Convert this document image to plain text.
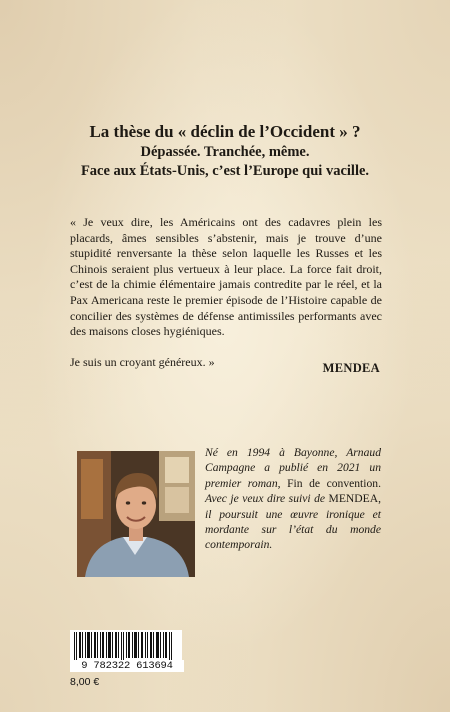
La thèse du « déclin de l’Occident » ?
Dépassée. Tranchée, même.
Face aux États-Unis, c’est l’Europe qui vacille.

« Je veux dire, les Américains ont des cadavres plein les placards, âmes sensibles s’abstenir, mais je trouve d’une stupidité renversante la thèse selon laquelle les Russes et les Chinois seraient plus vertueux à leur place. La force fait droit, c’est de la chimie élémentaire jamais contredite par le réel, et la Pax Americana reste le premier épisode de l’Histoire capable de concilier des systèmes de défense antimissiles performants avec des maisons closes hygiéniques.

Je suis un croyant généreux. »	MENDEA
Né en 1994 à Bayonne, Arnaud Campagne a publié en 2021 un premier roman, Fin de convention. Avec je veux dire suivi de MENDEA, il poursuit une œuvre ironique et mordante sur l’état du monde contemporain.
9 782322 613694
8,00 €
